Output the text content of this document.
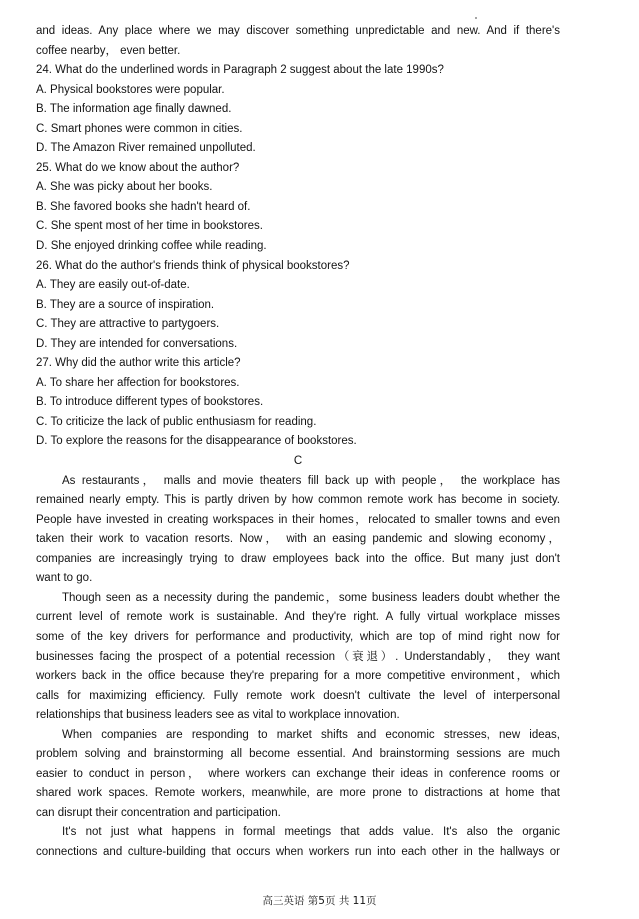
and ideas. Any place where we may discover something unpredictable and new. And if there's
coffee nearby， even better.
24. What do the underlined words in Paragraph 2 suggest about the late 1990s?
A. Physical bookstores were popular.
B. The information age finally dawned.
C. Smart phones were common in cities.
D. The Amazon River remained unpolluted.
25. What do we know about the author?
A. She was picky about her books.
B. She favored books she hadn't heard of.
C. She spent most of her time in bookstores.
D. She enjoyed drinking coffee while reading.
26. What do the author's friends think of physical bookstores?
A. They are easily out-of-date.
B. They are a source of inspiration.
C. They are attractive to partygoers.
D. They are intended for conversations.
27. Why did the author write this article?
A. To share her affection for bookstores.
B. To introduce different types of bookstores.
C. To criticize the lack of public enthusiasm for reading.
D. To explore the reasons for the disappearance of bookstores.
C
As restaurants， malls and movie theaters fill back up with people， the workplace has
remained nearly empty. This is partly driven by how common remote work has become in society.
People have invested in creating workspaces in their homes，relocated to smaller towns and even
taken their work to vacation resorts. Now， with an easing pandemic and slowing economy，
companies are increasingly trying to draw employees back into the office. But many just don't
want to go.
Though seen as a necessity during the pandemic，some business leaders doubt whether the
current level of remote work is sustainable. And they're right. A fully virtual workplace misses
some of the key drivers for performance and productivity, which are top of mind right now for
businesses facing the prospect of a potential recession（衰退）. Understandably， they want
workers back in the office because they're preparing for a more competitive environment，which
calls for maximizing efficiency. Fully remote work doesn't cultivate the level of interpersonal
relationships that business leaders see as vital to workplace innovation.
When companies are responding to market shifts and economic stresses, new ideas,
problem solving and brainstorming all become essential. And brainstorming sessions are much
easier to conduct in person， where workers can exchange their ideas in conference rooms or
shared work spaces. Remote workers, meanwhile, are more prone to distractions at home that
can disrupt their concentration and participation.
It's not just what happens in formal meetings that adds value. It's also the organic
connections and culture-building that occurs when workers run into each other in the hallways or
高三英语 第5页 共 11页
